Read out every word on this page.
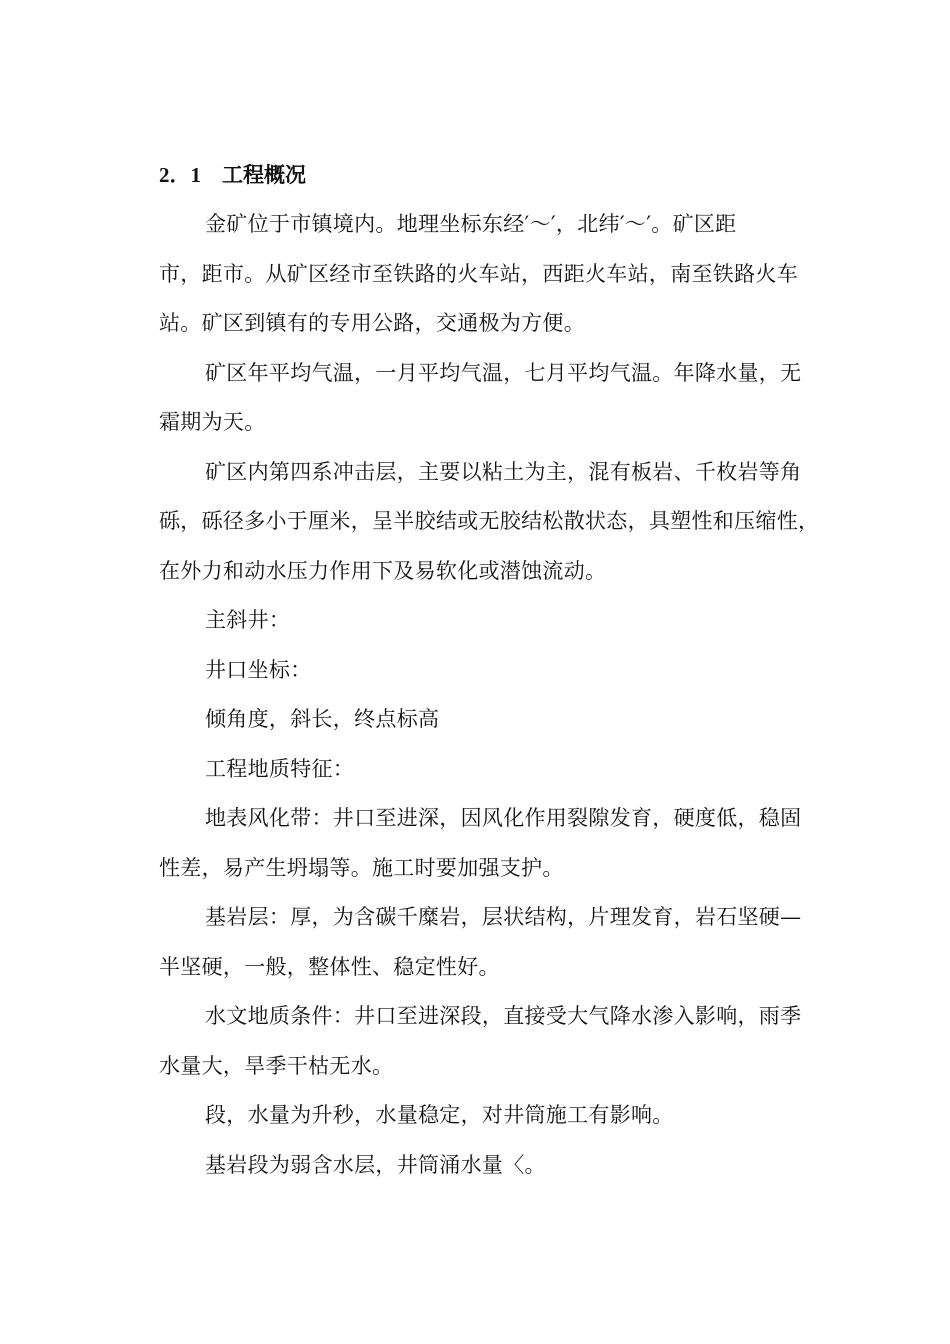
2．1　工程概况

金矿位于市镇境内。地理坐标东经′～′，北纬′～′。矿区距
市，距市。从矿区经市至铁路的火车站，西距火车站，南至铁路火车
站。矿区到镇有的专用公路，交通极为方便。

矿区年平均气温，一月平均气温，七月平均气温。年降水量，无
霜期为天。

矿区内第四系冲击层，主要以粘土为主，混有板岩、千枚岩等角
砾，砾径多小于厘米，呈半胶结或无胶结松散状态，具塑性和压缩性，
在外力和动水压力作用下及易软化或潜蚀流动。

主斜井：

井口坐标：

倾角度，斜长，终点标高

工程地质特征：

地表风化带：井口至进深，因风化作用裂隙发育，硬度低，稳固
性差，易产生坍塌等。施工时要加强支护。

基岩层：厚，为含碳千糜岩，层状结构，片理发育，岩石坚硬—
半坚硬，一般，整体性、稳定性好。

水文地质条件：井口至进深段，直接受大气降水渗入影响，雨季
水量大，旱季干枯无水。

段，水量为升秒，水量稳定，对井筒施工有影响。

基岩段为弱含水层，井筒涌水量〈。
